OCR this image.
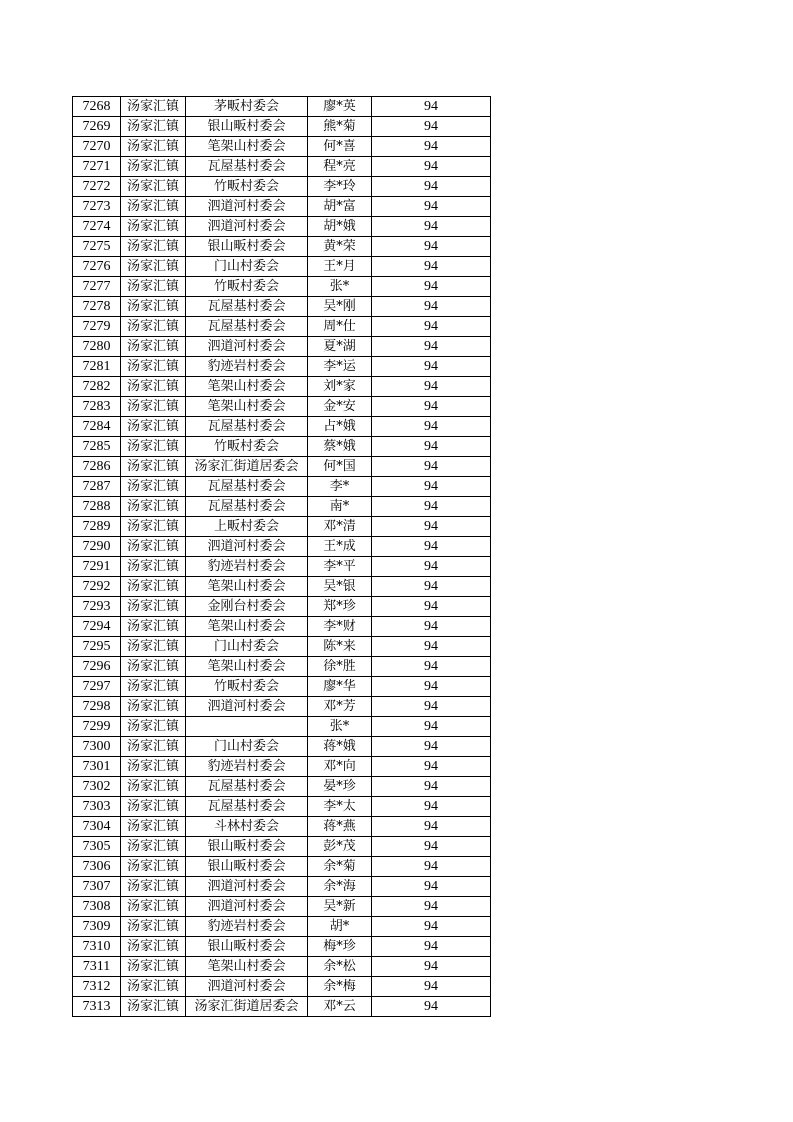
7268	汤家汇镇	茅畈村委会	廖*英	94
7269	汤家汇镇	银山畈村委会	熊*菊	94
7270	汤家汇镇	笔架山村委会	何*喜	94
7271	汤家汇镇	瓦屋基村委会	程*亮	94
7272	汤家汇镇	竹畈村委会	李*玲	94
7273	汤家汇镇	泗道河村委会	胡*富	94
7274	汤家汇镇	泗道河村委会	胡*娥	94
7275	汤家汇镇	银山畈村委会	黄*荣	94
7276	汤家汇镇	门山村委会	王*月	94
7277	汤家汇镇	竹畈村委会	张*	94
7278	汤家汇镇	瓦屋基村委会	吴*刚	94
7279	汤家汇镇	瓦屋基村委会	周*仕	94
7280	汤家汇镇	泗道河村委会	夏*湖	94
7281	汤家汇镇	豹迹岩村委会	李*运	94
7282	汤家汇镇	笔架山村委会	刘*家	94
7283	汤家汇镇	笔架山村委会	金*安	94
7284	汤家汇镇	瓦屋基村委会	占*娥	94
7285	汤家汇镇	竹畈村委会	蔡*娥	94
7286	汤家汇镇	汤家汇街道居委会	何*国	94
7287	汤家汇镇	瓦屋基村委会	李*	94
7288	汤家汇镇	瓦屋基村委会	南*	94
7289	汤家汇镇	上畈村委会	邓*清	94
7290	汤家汇镇	泗道河村委会	王*成	94
7291	汤家汇镇	豹迹岩村委会	李*平	94
7292	汤家汇镇	笔架山村委会	吴*银	94
7293	汤家汇镇	金刚台村委会	郑*珍	94
7294	汤家汇镇	笔架山村委会	李*财	94
7295	汤家汇镇	门山村委会	陈*来	94
7296	汤家汇镇	笔架山村委会	徐*胜	94
7297	汤家汇镇	竹畈村委会	廖*华	94
7298	汤家汇镇	泗道河村委会	邓*芳	94
7299	汤家汇镇		张*	94
7300	汤家汇镇	门山村委会	蒋*娥	94
7301	汤家汇镇	豹迹岩村委会	邓*向	94
7302	汤家汇镇	瓦屋基村委会	晏*珍	94
7303	汤家汇镇	瓦屋基村委会	李*太	94
7304	汤家汇镇	斗林村委会	蒋*燕	94
7305	汤家汇镇	银山畈村委会	彭*茂	94
7306	汤家汇镇	银山畈村委会	余*菊	94
7307	汤家汇镇	泗道河村委会	余*海	94
7308	汤家汇镇	泗道河村委会	吴*新	94
7309	汤家汇镇	豹迹岩村委会	胡*	94
7310	汤家汇镇	银山畈村委会	梅*珍	94
7311	汤家汇镇	笔架山村委会	余*松	94
7312	汤家汇镇	泗道河村委会	余*梅	94
7313	汤家汇镇	汤家汇街道居委会	邓*云	94
